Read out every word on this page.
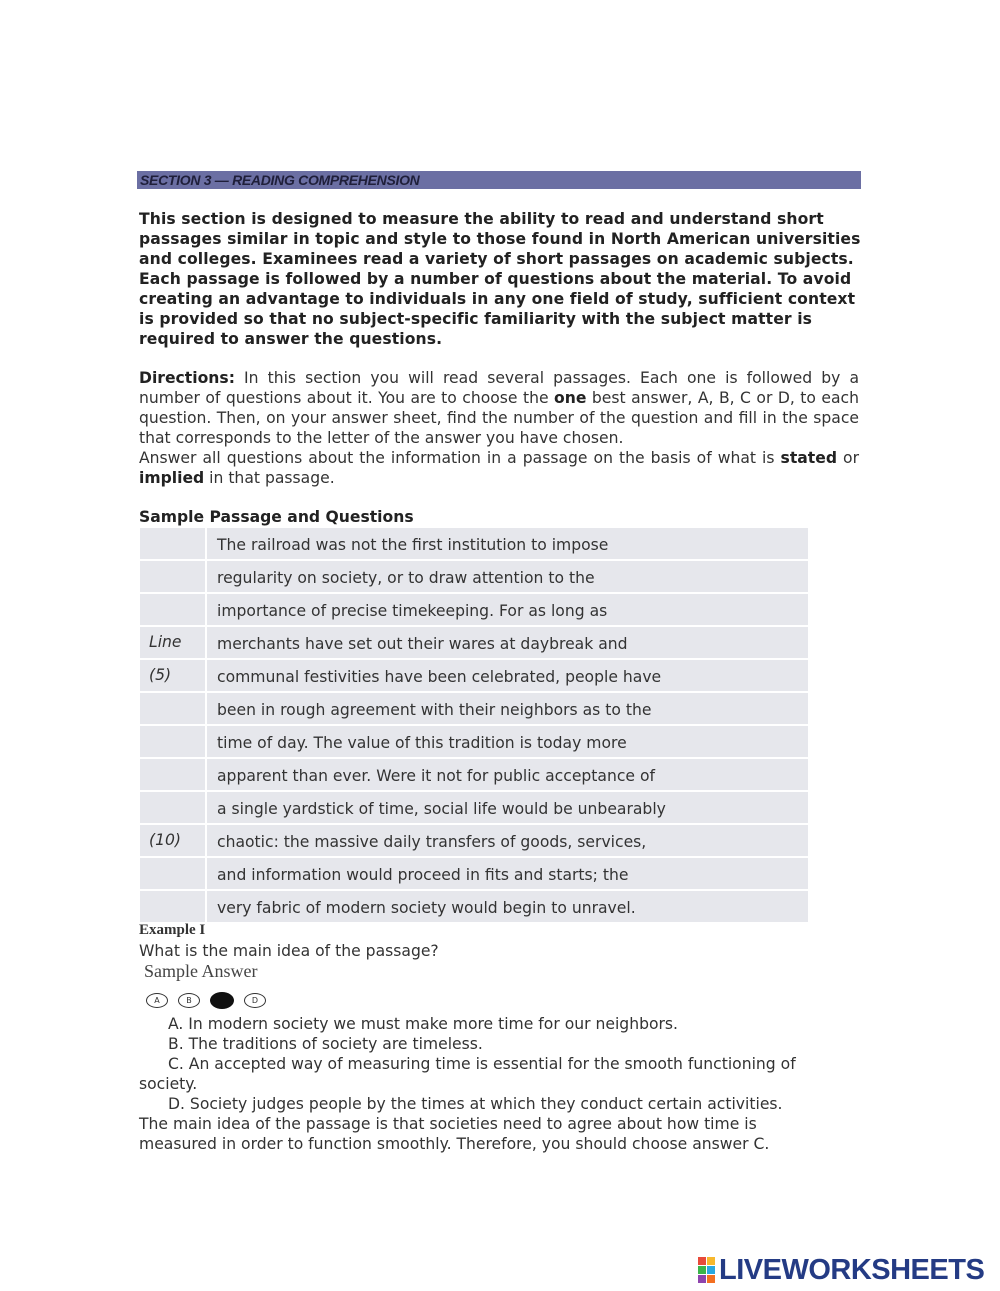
SECTION 3 — READING COMPREHENSION
This section is designed to measure the ability to read and understand short passages similar in topic and style to those found in North American universities and colleges. Examinees read a variety of short passages on academic subjects. Each passage is followed by a number of questions about the material. To avoid creating an advantage to individuals in any one field of study, sufficient context is provided so that no subject-specific familiarity with the subject matter is required to answer the questions.
Directions: In this section you will read several passages. Each one is followed by a number of questions about it. You are to choose the one best answer, A, B, C or D, to each question. Then, on your answer sheet, find the number of the question and fill in the space that corresponds to the letter of the answer you have chosen.
Answer all questions about the information in a passage on the basis of what is stated or implied in that passage.
Sample Passage and Questions
The railroad was not the first institution to impose
regularity on society, or to draw attention to the
importance of precise timekeeping. For as long as
Line	merchants have set out their wares at daybreak and
(5)	communal festivities have been celebrated, people have
been in rough agreement with their neighbors as to the
time of day. The value of this tradition is today more
apparent than ever. Were it not for public acceptance of
a single yardstick of time, social life would be unbearably
(10)	chaotic: the massive daily transfers of goods, services,
and information would proceed in fits and starts; the
very fabric of modern society would begin to unravel.
Example I
What is the main idea of the passage?
Sample Answer
A	B	D
A. In modern society we must make more time for our neighbors.
B. The traditions of society are timeless.
C. An accepted way of measuring time is essential for the smooth functioning of society.
D. Society judges people by the times at which they conduct certain activities.
The main idea of the passage is that societies need to agree about how time is measured in order to function smoothly. Therefore, you should choose answer C.
LIVEWORKSHEETS
